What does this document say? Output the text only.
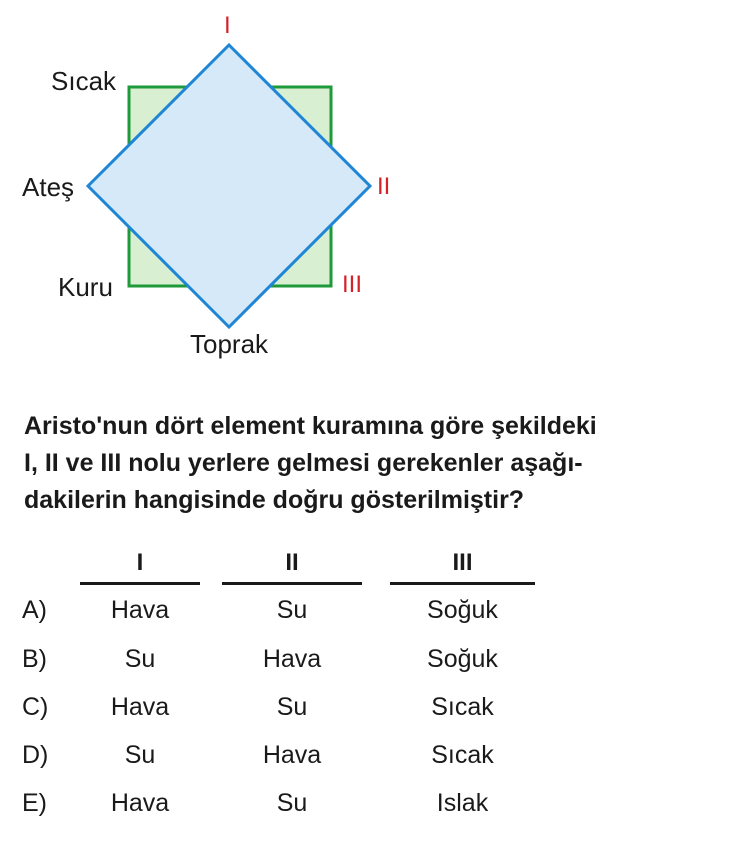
I
Sıcak
Ateş	II
Kuru	III
Toprak
Aristo'nun dört element kuramına göre şekildeki
I, II ve III nolu yerlere gelmesi gerekenler aşağı-
dakilerin hangisinde doğru gösterilmiştir?
I	II	III
A)	Hava	Su	Soğuk
B)	Su	Hava	Soğuk
C)	Hava	Su	Sıcak
D)	Su	Hava	Sıcak
E)	Hava	Su	Islak
